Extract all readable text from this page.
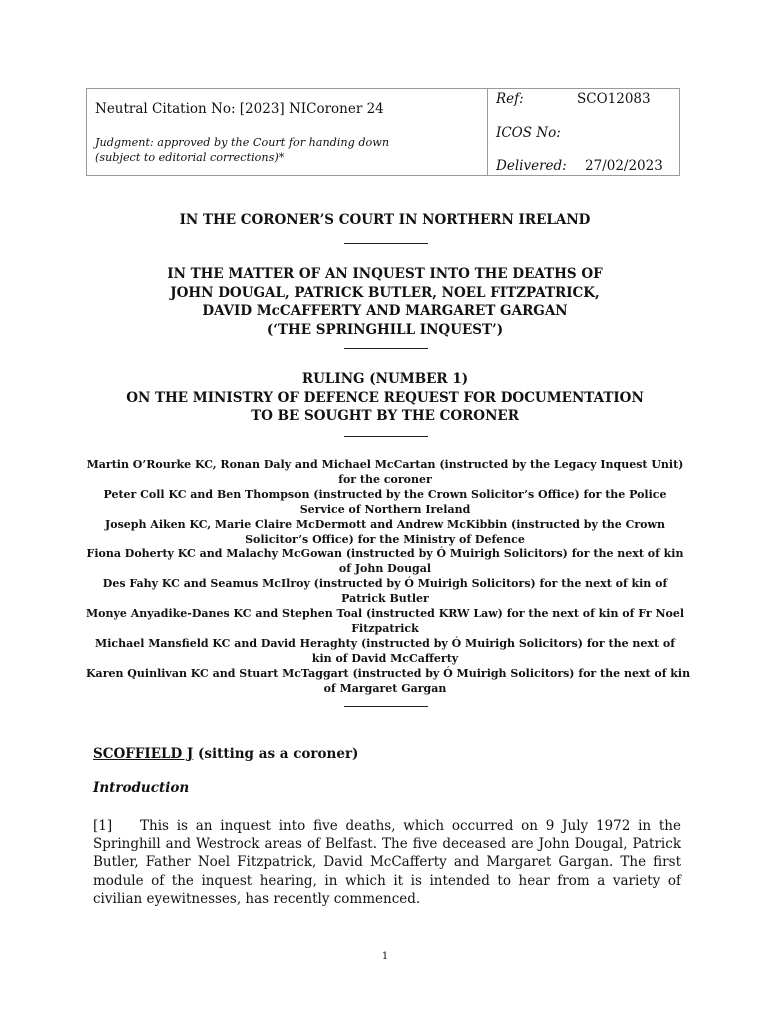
Neutral Citation No: [2023] NICoroner 24
Judgment: approved by the Court for handing down
(subject to editorial corrections)*
Ref:	SCO12083
ICOS No:
Delivered: 27/02/2023
IN THE CORONER’S COURT IN NORTHERN IRELAND
IN THE MATTER OF AN INQUEST INTO THE DEATHS OF
JOHN DOUGAL, PATRICK BUTLER, NOEL FITZPATRICK,
DAVID McCAFFERTY AND MARGARET GARGAN
(‘THE SPRINGHILL INQUEST’)
RULING (NUMBER 1)
ON THE MINISTRY OF DEFENCE REQUEST FOR DOCUMENTATION
TO BE SOUGHT BY THE CORONER
Martin O’Rourke KC, Ronan Daly and Michael McCartan (instructed by the Legacy Inquest Unit)
for the coroner
Peter Coll KC and Ben Thompson (instructed by the Crown Solicitor’s Office) for the Police
Service of Northern Ireland
Joseph Aiken KC, Marie Claire McDermott and Andrew McKibbin (instructed by the Crown
Solicitor’s Office) for the Ministry of Defence
Fiona Doherty KC and Malachy McGowan (instructed by Ó Muirigh Solicitors) for the next of kin
of John Dougal
Des Fahy KC and Seamus McIlroy (instructed by Ó Muirigh Solicitors) for the next of kin of
Patrick Butler
Monye Anyadike-Danes KC and Stephen Toal (instructed KRW Law) for the next of kin of Fr Noel
Fitzpatrick
Michael Mansfield KC and David Heraghty (instructed by Ó Muirigh Solicitors) for the next of
kin of David McCafferty
Karen Quinlivan KC and Stuart McTaggart (instructed by Ó Muirigh Solicitors) for the next of kin
of Margaret Gargan
SCOFFIELD J (sitting as a coroner)
Introduction
[1] This is an inquest into five deaths, which occurred on 9 July 1972 in the
Springhill and Westrock areas of Belfast. The five deceased are John Dougal, Patrick
Butler, Father Noel Fitzpatrick, David McCafferty and Margaret Gargan. The first
module of the inquest hearing, in which it is intended to hear from a variety of
civilian eyewitnesses, has recently commenced.
1
